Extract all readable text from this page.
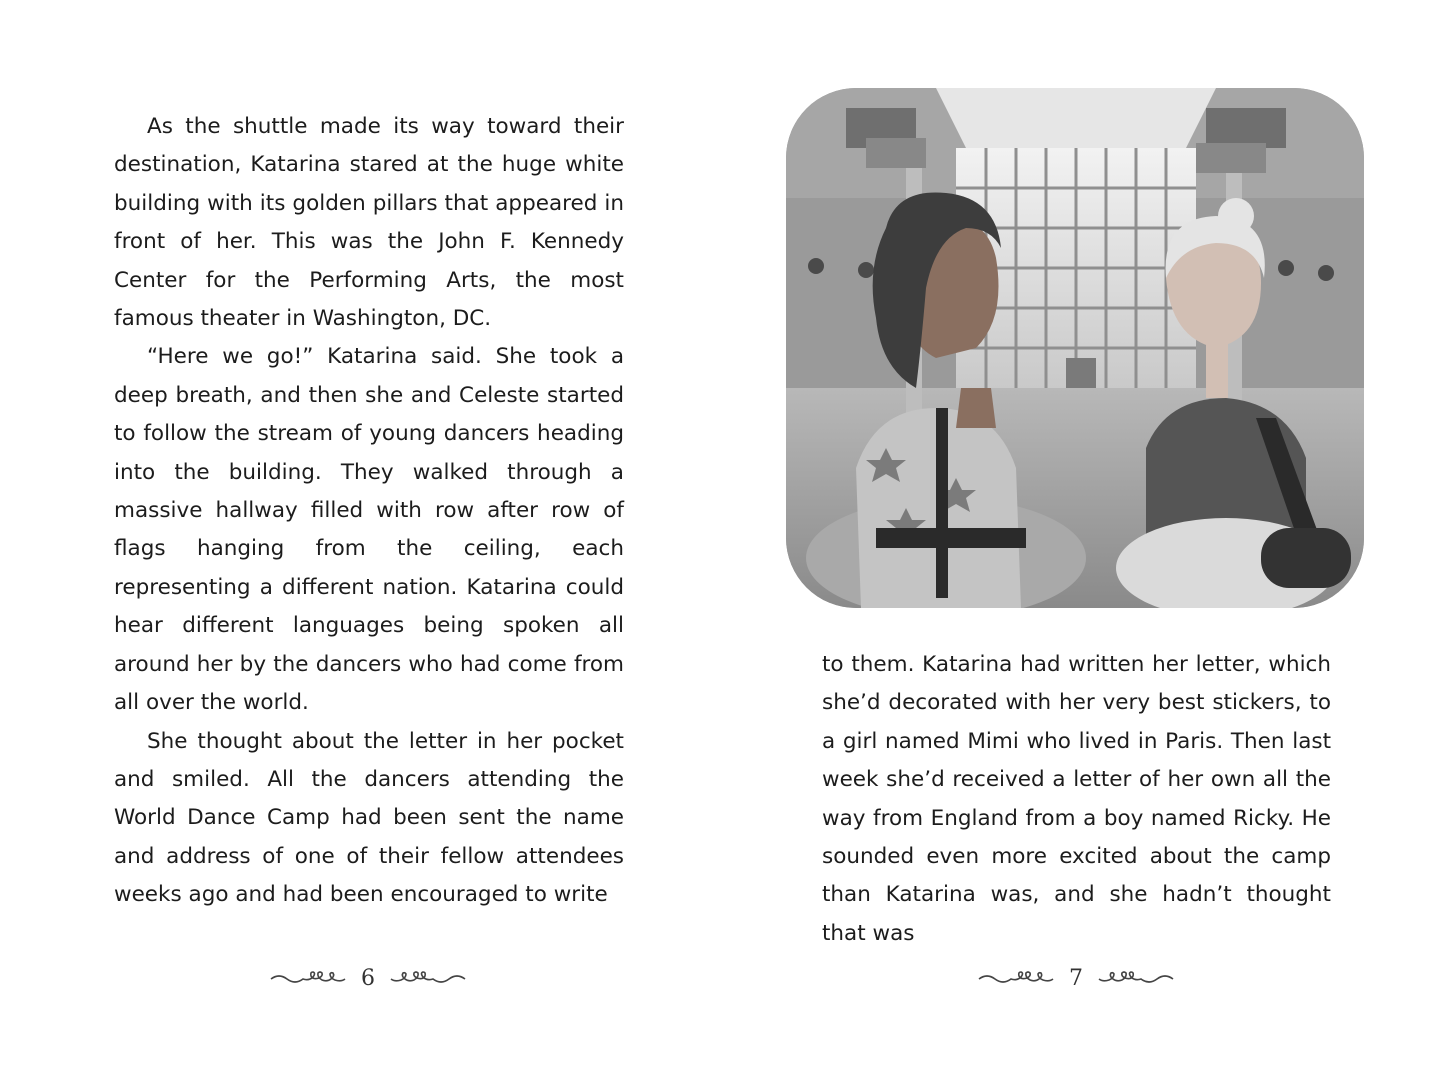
As the shuttle made its way toward their destination, Katarina stared at the huge white building with its golden pillars that appeared in front of her. This was the John F. Kennedy Center for the Performing Arts, the most famous theater in Washington, DC.

“Here we go!” Katarina said. She took a deep breath, and then she and Celeste started to follow the stream of young dancers heading into the building. They walked through a massive hallway filled with row after row of flags hanging from the ceiling, each representing a different nation. Katarina could hear different languages being spoken all around her by the dancers who had come from all over the world.

She thought about the letter in her pocket and smiled. All the dancers attending the World Dance Camp had been sent the name and address of one of their fellow attendees weeks ago and had been encouraged to write

6

to them. Katarina had written her letter, which she’d decorated with her very best stickers, to a girl named Mimi who lived in Paris. Then last week she’d received a letter of her own all the way from England from a boy named Ricky. He sounded even more excited about the camp than Katarina was, and she hadn’t thought that was

7
